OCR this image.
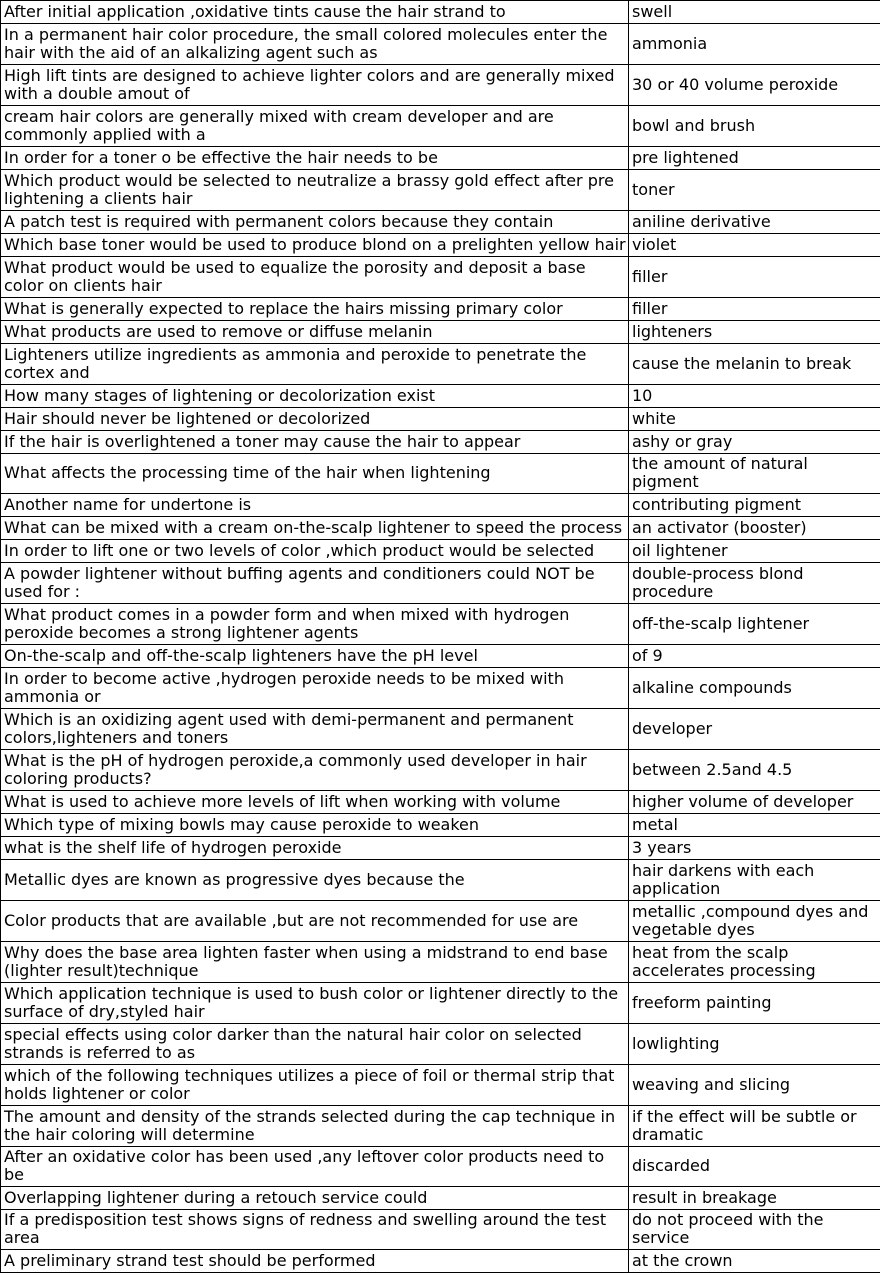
After initial application ,oxidative tints cause the hair strand to	swell
In a permanent hair color procedure, the small colored molecules enter the hair with the aid of an alkalizing agent such as	ammonia
High lift tints are designed to achieve lighter colors and are generally mixed with a double amout of	30 or 40 volume peroxide
cream hair colors are generally mixed with cream developer and are commonly applied with a	bowl and brush
In order for a toner o be effective the hair needs to be	pre lightened
Which product would be selected to neutralize a brassy gold effect after pre lightening a clients hair	toner
A patch test is required with permanent colors because they contain	aniline derivative
Which base toner would be used to produce blond on a prelighten yellow hair	violet
What product would be used to equalize the porosity and deposit a base color on clients hair	filler
What is generally expected to replace the hairs missing primary color	filler
What products are used to remove or diffuse melanin	lighteners
Lighteners utilize ingredients as ammonia and peroxide to penetrate the cortex and	cause the melanin to break
How many stages of lightening or decolorization exist	10
Hair should never be lightened or decolorized	white
If the hair is overlightened a toner may cause the hair to appear	ashy or gray
What affects the processing time of the hair when lightening	the amount of natural pigment
Another name for undertone is	contributing pigment
What can be mixed with a cream on-the-scalp lightener to speed the process	an activator (booster)
In order to lift one or two levels of color ,which product would be selected	oil lightener
A powder lightener without buffing agents and conditioners could NOT be used for :	double-process blond procedure
What product comes in a powder form and when mixed with hydrogen peroxide becomes a strong lightener agents	off-the-scalp lightener
On-the-scalp and off-the-scalp lighteners have the pH level	of 9
In order to become active ,hydrogen peroxide needs to be mixed with ammonia or	alkaline compounds
Which is an oxidizing agent used with demi-permanent and permanent colors,lighteners and toners	developer
What is the pH of hydrogen peroxide,a commonly used developer in hair coloring products?	between 2.5and 4.5
What is used to achieve more levels of lift when working with volume	higher volume of developer
Which type of mixing bowls may cause peroxide to weaken	metal
what is the shelf life of hydrogen peroxide	3 years
Metallic dyes are known as progressive dyes because the	hair darkens with each application
Color products that are available ,but are not recommended for use are	metallic ,compound dyes and vegetable dyes
Why does the base area lighten faster when using a midstrand to end base (lighter result)technique	heat from the scalp accelerates processing
Which application technique is used to bush color or lightener directly to the surface of dry,styled hair	freeform painting
special effects using color darker than the natural hair color on selected strands is referred to as	lowlighting
which of the following techniques utilizes a piece of foil or thermal strip that holds lightener or color	weaving and slicing
The amount and density of the strands selected during the cap technique in the hair coloring will determine	if the effect will be subtle or dramatic
After an oxidative color has been used ,any leftover color products need to be	discarded
Overlapping lightener during a retouch service could	result in breakage
If a predisposition test shows signs of redness and swelling around the test area	do not proceed with the service
A preliminary strand test should be performed	at the crown
